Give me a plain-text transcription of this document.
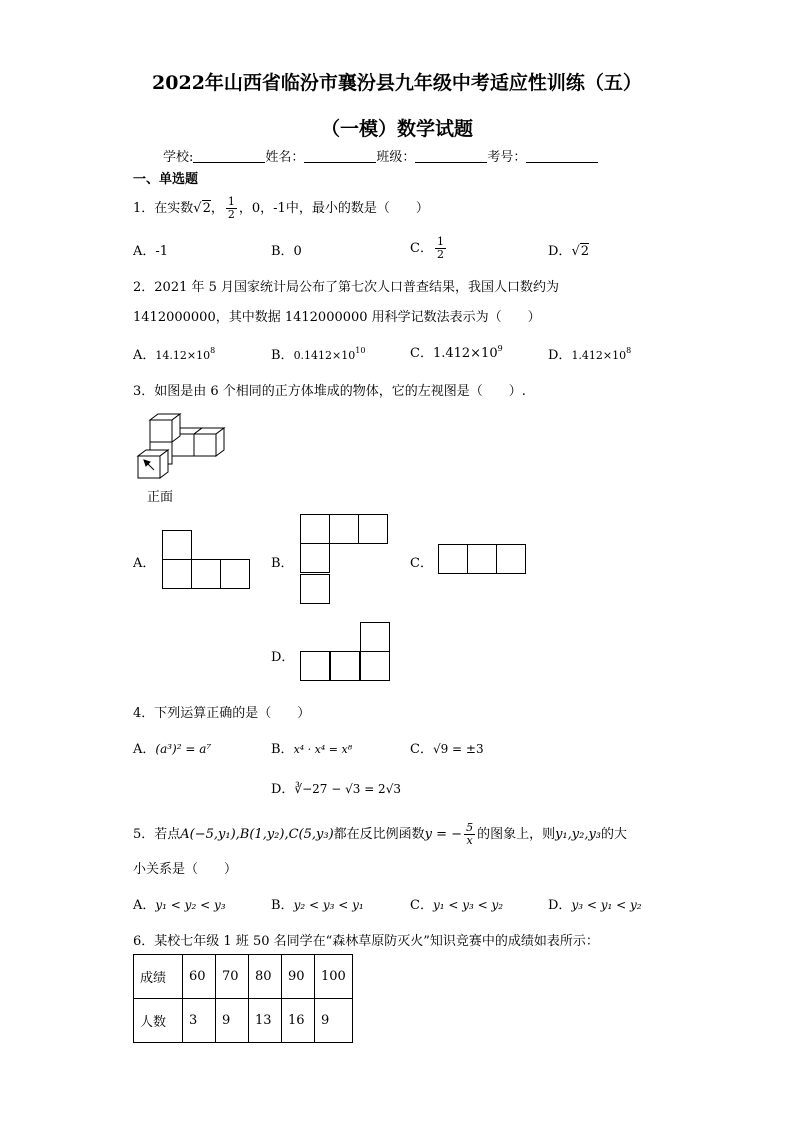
2022年山西省临汾市襄汾县九年级中考适应性训练（五）
（一模）数学试题
学校:	姓名：	班级：	考号：
一、单选题
1．在实数√2， $\frac{1}{2}$ ，0，-1中，最小的数是（　　）
A．-1	B．0	C． $\frac{1}{2}$	D．√2
2．2021 年 5 月国家统计局公布了第七次人口普查结果，我国人口数约为
1412000000，其中数据 1412000000 用科学记数法表示为（　　）
A．$14.12\times 10^8$	B．$0.1412\times 10^{10}$	C．$1.412\times 10^9$	D．$1.412\times 10^8$
3．如图是由 6 个相同的正方体堆成的物体，它的左视图是（　　）.
正面
A．	B．	C．
D．
4．下列运算正确的是（　　）
A．(a³)² = a⁷	B．x⁴ · x⁴ = x⁸	C．√9 = ±3
D．∛−27 − √3 = 2√3
5．若点A(−5,y₁),B(1,y₂),C(5,y₃)都在反比例函数y = − $\frac{5}{x}$ 的图象上，则y₁,y₂,y₃的大
小关系是（　　）
A．y₁ < y₂ < y₃	B．y₂ < y₃ < y₁	C．y₁ < y₃ < y₂	D．y₃ < y₁ < y₂
6．某校七年级 1 班 50 名同学在“森林草原防灭火”知识竞赛中的成绩如表所示：
成绩	60	70	80	90	100
人数	3	9	13	16	9
